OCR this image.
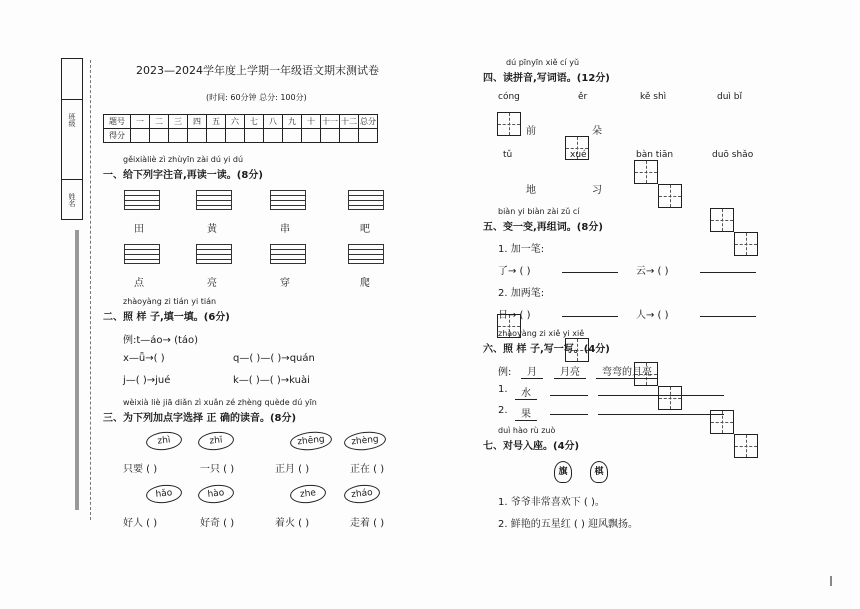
班级
姓名
2023—2024学年度上学期一年级语文期末测试卷
(时间: 60分钟 总分: 100分)
题号	一	二	三	四	五	六	七	八	九	十	十一	十二	总分
得分													
gěixiàliè zì zhùyīn zài dú yi dú
一、给下列字注音,再读一读。(8分)
田	黄	串	吧
点	亮	穿	爬
zhàoyàng zi tián yi tián
二、照 样 子,填一填。(6分)
例:t—áo→ (táo)
x—ǖ→( )	q—( )—( )→quán
j—( )→jué	k—( )—( )→kuài
wèixià liè jiā diǎn zì xuǎn zé zhèng quède dú yīn
三、为下列加点字选择 正 确的读音。(8分)
zhì	zhī	zhēng	zhèng
只要 ( )	一只 ( )	正月 ( )	正在 ( )
hǎo	hào	zhe	zháo
好人 ( )	好奇 ( )	着火 ( )	走着 ( )
dú pīnyīn xiě cí yǔ
四、读拼音,写词语。(12分)
cóng	ěr	kě shì	duì bǐ
前	朵
tǔ	xué	bàn tiān	duō shǎo
地	习
biàn yi biàn zài zǔ cí
五、变一变,再组词。(8分)
1. 加一笔:
了→ ( )	云→ ( )
2. 加两笔:
日→ ( )	人→ ( )
zhàoyàng zi xiě yi xiě
六、照 样 子,写一写。(4分)
例:	月	月亮	弯弯的月亮
1.	水
2.	果
duì hào rù zuò
七、对号入座。(4分)
旗	棋
1. 爷爷非常喜欢下 ( )。
2. 鲜艳的五星红 ( ) 迎风飘扬。
